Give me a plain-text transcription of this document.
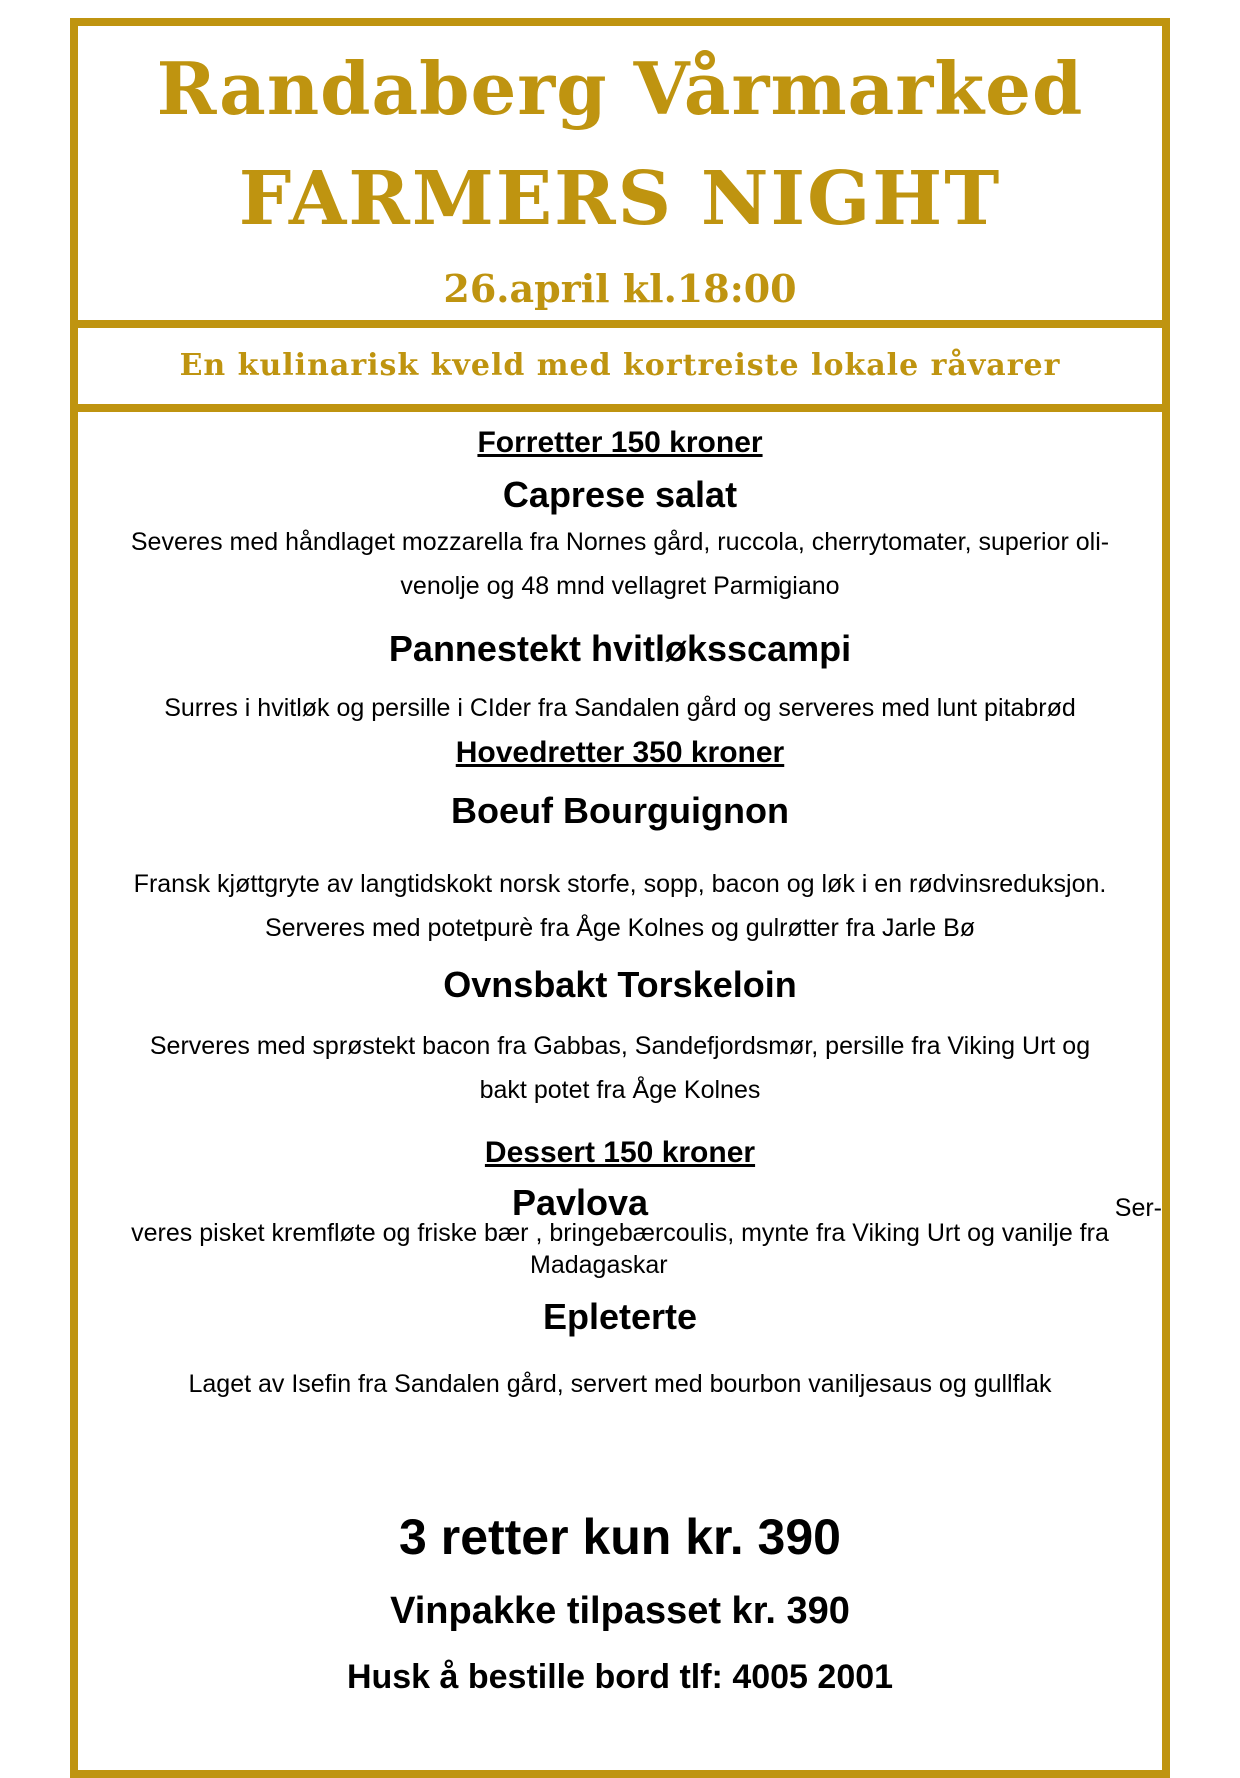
Randaberg Vårmarked
FARMERS NIGHT
26.april kl.18:00
En kulinarisk kveld med kortreiste lokale råvarer
Forretter 150 kroner
Caprese salat
Severes med håndlaget mozzarella fra Nornes gård, ruccola, cherrytomater, superior oli-
venolje og 48 mnd vellagret Parmigiano
Pannestekt hvitløksscampi
Surres i hvitløk og persille i CIder fra Sandalen gård og serveres med lunt pitabrød
Hovedretter 350 kroner
Boeuf Bourguignon
Fransk kjøttgryte av langtidskokt norsk storfe, sopp, bacon og løk i en rødvinsreduksjon.
Serveres med potetpurè fra Åge Kolnes og gulrøtter fra Jarle Bø
Ovnsbakt Torskeloin
Serveres med sprøstekt bacon fra Gabbas, Sandefjordsmør, persille fra Viking Urt og
bakt potet fra Åge Kolnes
Dessert 150 kroner
Pavlova	Ser-
veres pisket kremfløte og friske bær , bringebærcoulis, mynte fra Viking Urt og vanilje fra
Madagaskar
Epleterte
Laget av Isefin fra Sandalen gård, servert med bourbon vaniljesaus og gullflak
3 retter kun kr. 390
Vinpakke tilpasset kr. 390
Husk å bestille bord tlf: 4005 2001
